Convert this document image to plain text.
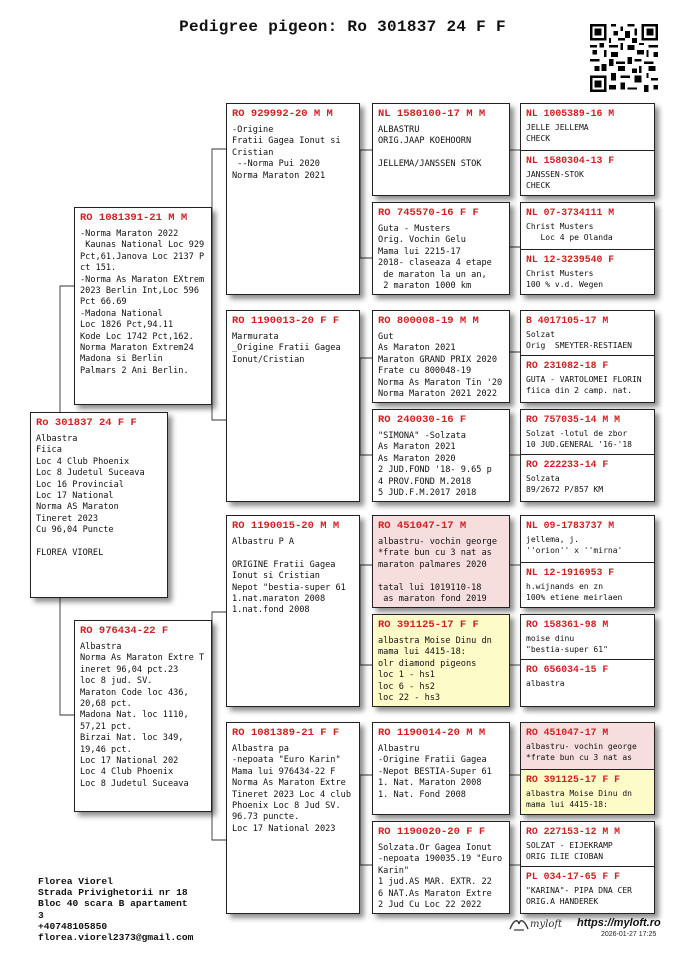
Pedigree pigeon: Ro 301837 24 F F
Ro 301837 24 F F
Albastra
Fiica
Loc 4 Club Phoenix
Loc 8 Judetul Suceava
Loc 16 Provincial
Loc 17 National
Norma AS Maraton
Tineret 2023
Cu 96,04 Puncte

FLOREA VIOREL
RO 1081391-21 M M
-Norma Maraton 2022
Kaunas National Loc 929
Pct,61.Janova Loc 2137 P
ct 151.
-Norma As Maraton EXtrem
2023 Berlin Int,Loc 596
Pct 66.69
-Madona National
Loc 1826 Pct,94.11
Kode Loc 1742 Pct,162.
Norma Maraton Extrem24
Madona si Berlin
Palmars 2 Ani Berlin.
RO 976434-22 F
Albastra
Norma As Maraton Extre T
ineret 96,04 pct.23
loc 8 jud. SV.
Maraton Code loc 436,
20,68 pct.
Madona Nat. loc 1110,
57,21 pct.
Birzai Nat. loc 349,
19,46 pct.
Loc 17 National 202
Loc 4 Club Phoenix
Loc 8 Judetul Suceava
RO 929992-20 M M
-Origine
Fratii Gagea Ionut si
Cristian
--Norma Pui 2020
Norma Maraton 2021
RO 1190013-20 F F
Marmurata
_Origine Fratii Gagea
Ionut/Cristian
RO 1190015-20 M M
Albastru P A

ORIGINE Fratii Gagea
Ionut si Cristian
Nepot "bestia-super 61
1.nat.maraton 2008
1.nat.fond 2008
RO 1081389-21 F F
Albastra pa
-nepoata "Euro Karin"
Mama lui 976434-22 F
Norma As Maraton Extre
Tineret 2023 Loc 4 club
Phoenix Loc 8 Jud SV.
96.73 puncte.
Loc 17 National 2023
NL 1580100-17 M M
ALBASTRU
ORIG.JAAP KOEHOORN

JELLEMA/JANSSEN STOK
RO 745570-16 F F
Guta - Musters
Orig. Vochin Gelu
Mama lui 2215-17
2018- claseaza 4 etape
de maraton la un an,
2 maraton 1000 km
RO 800008-19 M M
Gut
As Maraton 2021
Maraton GRAND PRIX 2020
Frate cu 800048-19
Norma As Maraton Tin '20
Norma Maraton 2021 2022
RO 240030-16 F
"SIMONA" -Solzata
As Maraton 2021
As Maraton 2020
2 JUD.FOND '18- 9.65 p
4 PROV.FOND M.2018
5 JUD.F.M.2017 2018
RO 451047-17 M
albastru- vochin george
*frate bun cu 3 nat as
maraton palmares 2020

tatal lui 1019110-18
as maraton fond 2019
RO 391125-17 F F
albastra Moise Dinu dn
mama lui 4415-18:
olr diamond pigeons
loc 1 - hs1
loc 6 - hs2
loc 22 - hs3
RO 1190014-20 M M
Albastru
-Origine Fratii Gagea
-Nepot BESTIA-Super 61
1. Nat. Maraton 2008
1. Nat. Fond 2008
RO 1190020-20 F F
Solzata.Or Gagea Ionut
-nepoata 190035.19 "Euro
Karin"
1 jud.AS MAR. EXTR. 22
6 NAT.As Maraton Extre
2 Jud Cu Loc 22 2022
NL 1005389-16 M
JELLE JELLEMA
CHECK
NL 1580304-13 F
JANSSEN-STOK
CHECK
NL 07-3734111 M
Christ Musters
Loc 4 pe Olanda
NL 12-3239540 F
Christ Musters
100 % v.d. Wegen
B 4017105-17 M
Solzat
Orig  SMEYTER-RESTIAEN
RO 231082-18 F
GUTA - VARTOLOMEI FLORIN
fiica din 2 camp. nat.
RO 757035-14 M M
Solzat -lotul de zbor
10 JUD.GENERAL '16-'18
RO 222233-14 F
Solzata
89/2672 P/857 KM
NL 09-1783737 M
jellema, j.
''orion'' x ''mirna'
NL 12-1916953 F
h.wijnands en zn
100% etiene meirlaen
RO 158361-98 M
moise dinu
"bestia-super 61"
RO 656034-15 F
albastra
RO 451047-17 M
albastru- vochin george
*frate bun cu 3 nat as
RO 391125-17 F F
albastra Moise Dinu dn
mama lui 4415-18:
RO 227153-12 M M
SOLZAT - EIJEKRAMP
ORIG ILIE CIOBAN
PL 034-17-65 F F
"KARINA"- PIPA DNA CER
ORIG.A HANDEREK
Florea Viorel
Strada Privighetorii nr 18
Bloc 40 scara B apartament
3
+40748105850
florea.viorel2373@gmail.com
myloft https://myloft.ro
2026-01-27 17:25
